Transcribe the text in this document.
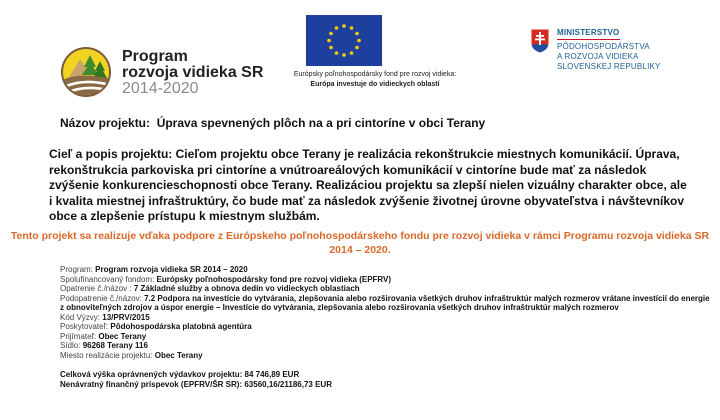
Program
rozvoja vidieka SR
2014-2020
Európsky poľnohospodársky fond pre rozvoj vidieka:
Európa investuje do vidieckych oblastí
MINISTERSTVO
PÔDOHOSPODÁRSTVA
A ROZVOJA VIDIEKA
SLOVENSKEJ REPUBLIKY
Názov projektu: Úprava spevnených plôch na a pri cintoríne v obci Terany
Cieľ a popis projektu: Cieľom projektu obce Terany je realizácia rekonštrukcie miestnych komunikácií. Úprava, rekonštrukcia parkoviska pri cintoríne a vnútroareálových komunikácií v cintoríne bude mať za následok zvýšenie konkurencieschopnosti obce Terany. Realizáciou projektu sa zlepší nielen vizuálny charakter obce, ale i kvalita miestnej infraštruktúry, čo bude mať za následok zvýšenie životnej úrovne obyvateľstva i návštevníkov obce a zlepšenie prístupu k miestnym službám.
Tento projekt sa realizuje vďaka podpore z Európskeho poľnohospodárskeho fondu pre rozvoj vidieka v rámci Programu rozvoja vidieka SR 2014 – 2020.
Program: Program rozvoja vidieka SR 2014 – 2020
Spolufinancovaný fondom: Európsky poľnohospodársky fond pre rozvoj vidieka (EPFRV)
Opatrenie č./názov : 7 Základné služby a obnova dedín vo vidieckych oblastiach
Podopatrenie č./názov: 7.2 Podpora na investície do vytvárania, zlepšovania alebo rozširovania všetkých druhov infraštruktúr malých rozmerov vrátane investícií do energie z obnoviteľných zdrojov a úspor energie – Investície do vytvárania, zlepšovania alebo rozširovania všetkých druhov infraštruktúr malých rozmerov
Kód Výzvy: 13/PRV/2015
Poskytovateľ: Pôdohospodárska platobná agentúra
Prijímateľ: Obec Terany
Sídlo: 96268 Terany 116
Miesto realizácie projektu: Obec Terany
Celková výška oprávnených výdavkov projektu: 84 746,89 EUR
Nenávratný finančný príspevok (EPFRV/ŠR SR): 63560,16/21186,73 EUR
